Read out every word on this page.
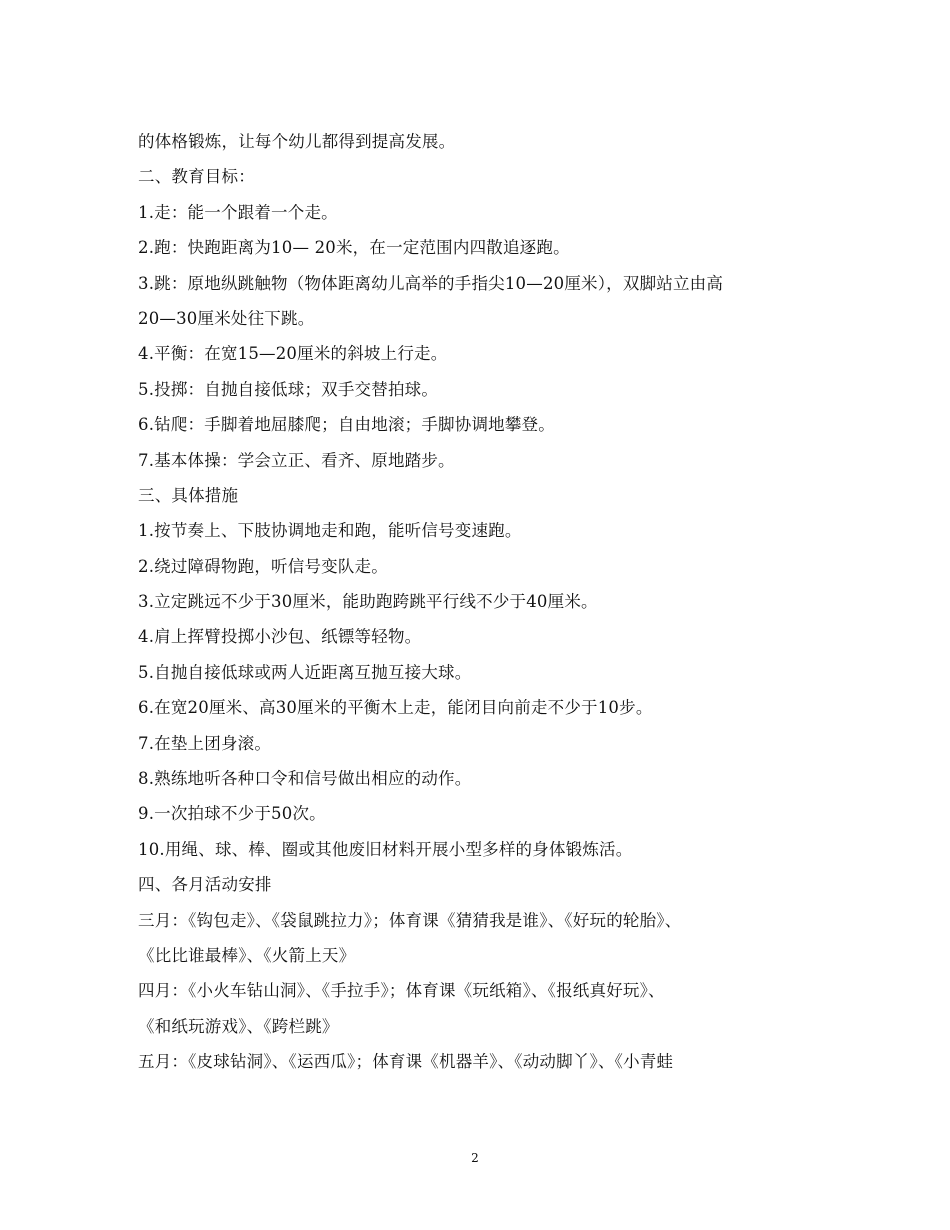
的体格锻炼，让每个幼儿都得到提高发展。
二、教育目标：
1.走：能一个跟着一个走。
2.跑：快跑距离为10— 20米，在一定范围内四散追逐跑。
3.跳：原地纵跳触物（物体距离幼儿高举的手指尖10—20厘米），双脚站立由高
20—30厘米处往下跳。
4.平衡：在宽15—20厘米的斜坡上行走。
5.投掷：自抛自接低球；双手交替拍球。
6.钻爬：手脚着地屈膝爬；自由地滚；手脚协调地攀登。
7.基本体操：学会立正、看齐、原地踏步。
三、具体措施
1.按节奏上、下肢协调地走和跑，能听信号变速跑。
2.绕过障碍物跑，听信号变队走。
3.立定跳远不少于30厘米，能助跑跨跳平行线不少于40厘米。
4.肩上挥臂投掷小沙包、纸镖等轻物。
5.自抛自接低球或两人近距离互抛互接大球。
6.在宽20厘米、高30厘米的平衡木上走，能闭目向前走不少于10步。
7.在垫上团身滚。
8.熟练地听各种口令和信号做出相应的动作。
9.一次拍球不少于50次。
10.用绳、球、棒、圈或其他废旧材料开展小型多样的身体锻炼活。
四、各月活动安排
三月：《钩包走》、《袋鼠跳拉力》；体育课《猜猜我是谁》、《好玩的轮胎》、
《比比谁最棒》、《火箭上天》
四月：《小火车钻山洞》、《手拉手》；体育课《玩纸箱》、《报纸真好玩》、
《和纸玩游戏》、《跨栏跳》
五月：《皮球钻洞》、《运西瓜》；体育课《机器羊》、《动动脚丫》、《小青蛙
2
